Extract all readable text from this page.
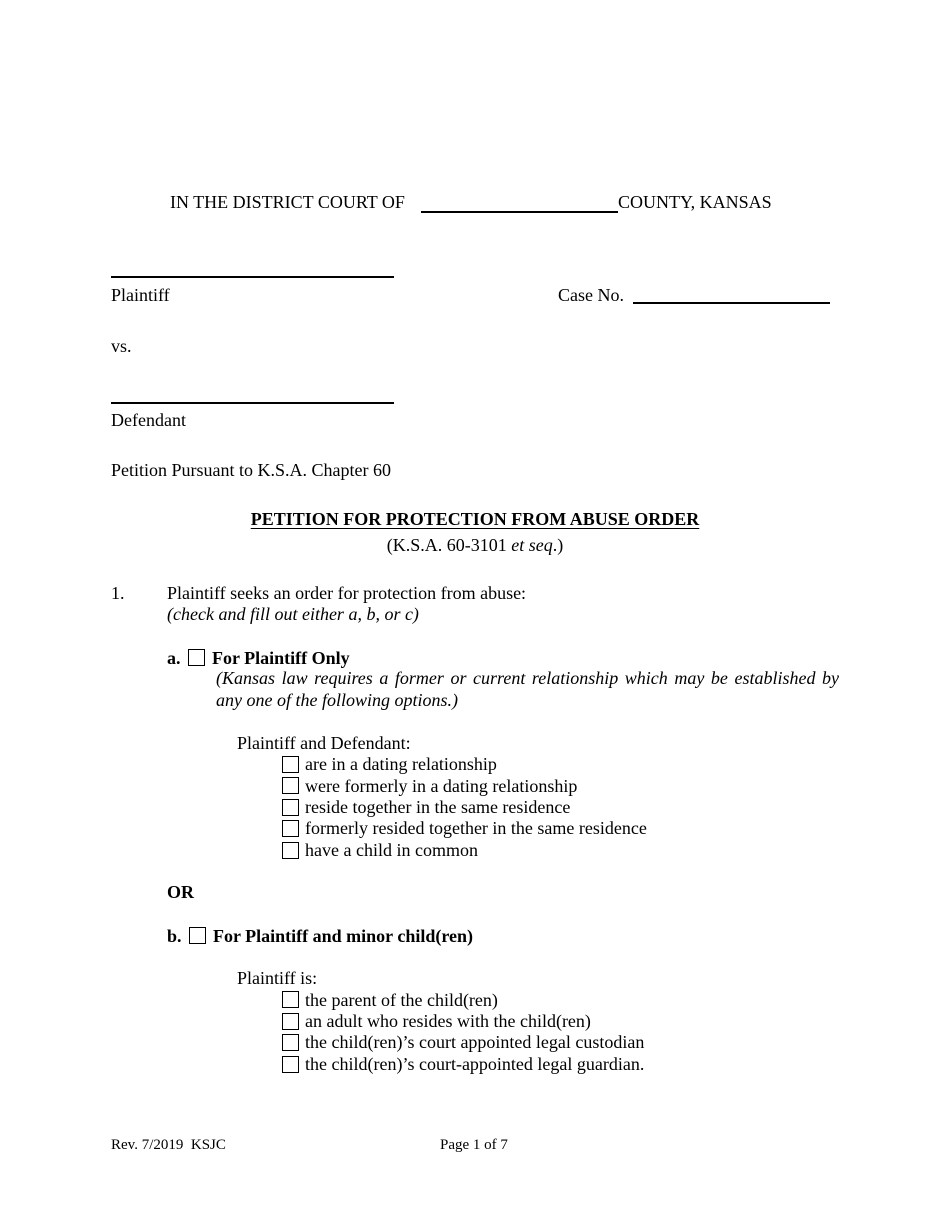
IN THE DISTRICT COURT OF	COUNTY, KANSAS
Plaintiff	Case No.
vs.
Defendant
Petition Pursuant to K.S.A. Chapter 60
PETITION FOR PROTECTION FROM ABUSE ORDER
(K.S.A. 60-3101 et seq.)
1. Plaintiff seeks an order for protection from abuse:
(check and fill out either a, b, or c)
a. For Plaintiff Only
(Kansas law requires a former or current relationship which may be established by any one of the following options.)
Plaintiff and Defendant:
are in a dating relationship
were formerly in a dating relationship
reside together in the same residence
formerly resided together in the same residence
have a child in common
OR
b. For Plaintiff and minor child(ren)
Plaintiff is:
the parent of the child(ren)
an adult who resides with the child(ren)
the child(ren)’s court appointed legal custodian
the child(ren)’s court-appointed legal guardian.
Rev. 7/2019  KSJC	Page 1 of 7
